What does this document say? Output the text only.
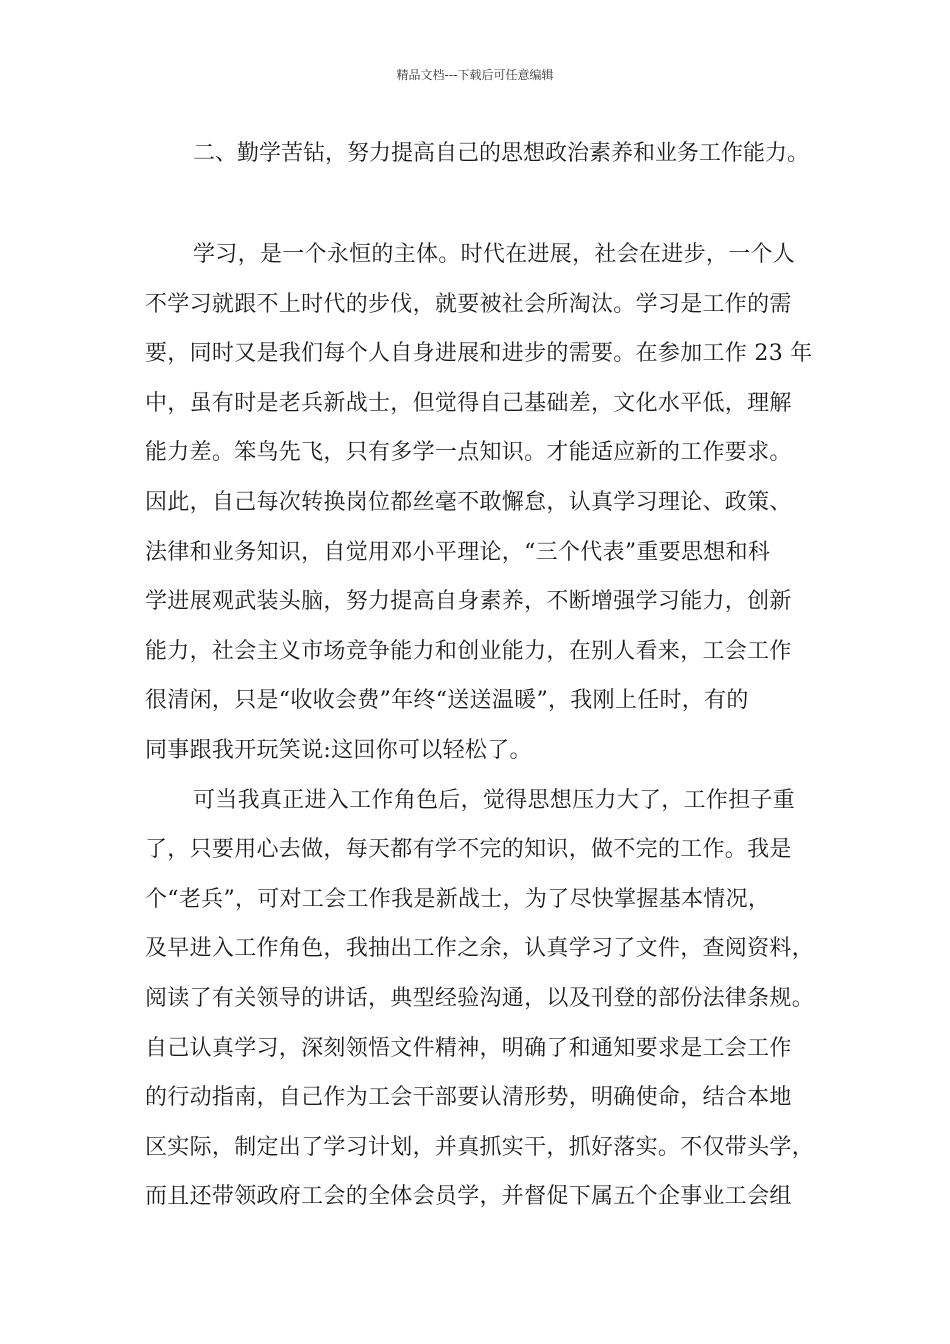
精品文档---下载后可任意编辑
二、勤学苦钻，努力提高自己的思想政治素养和业务工作能力。
学习，是一个永恒的主体。时代在进展，社会在进步，一个人
不学习就跟不上时代的步伐，就要被社会所淘汰。学习是工作的需
要，同时又是我们每个人自身进展和进步的需要。在参加工作 23 年
中，虽有时是老兵新战士，但觉得自己基础差，文化水平低，理解
能力差。笨鸟先飞，只有多学一点知识。才能适应新的工作要求。
因此，自己每次转换岗位都丝毫不敢懈怠，认真学习理论、政策、
法律和业务知识，自觉用邓小平理论，“三个代表”重要思想和科
学进展观武装头脑，努力提高自身素养，不断增强学习能力，创新
能力，社会主义市场竞争能力和创业能力，在别人看来，工会工作
很清闲，只是“收收会费”年终“送送温暖”，我刚上任时，有的
同事跟我开玩笑说:这回你可以轻松了。
可当我真正进入工作角色后，觉得思想压力大了，工作担子重
了，只要用心去做，每天都有学不完的知识，做不完的工作。我是
个“老兵”，可对工会工作我是新战士，为了尽快掌握基本情况，
及早进入工作角色，我抽出工作之余，认真学习了文件，查阅资料，
阅读了有关领导的讲话，典型经验沟通，以及刊登的部份法律条规。
自己认真学习，深刻领悟文件精神，明确了和通知要求是工会工作
的行动指南，自己作为工会干部要认清形势，明确使命，结合本地
区实际，制定出了学习计划，并真抓实干，抓好落实。不仅带头学，
而且还带领政府工会的全体会员学，并督促下属五个企事业工会组
